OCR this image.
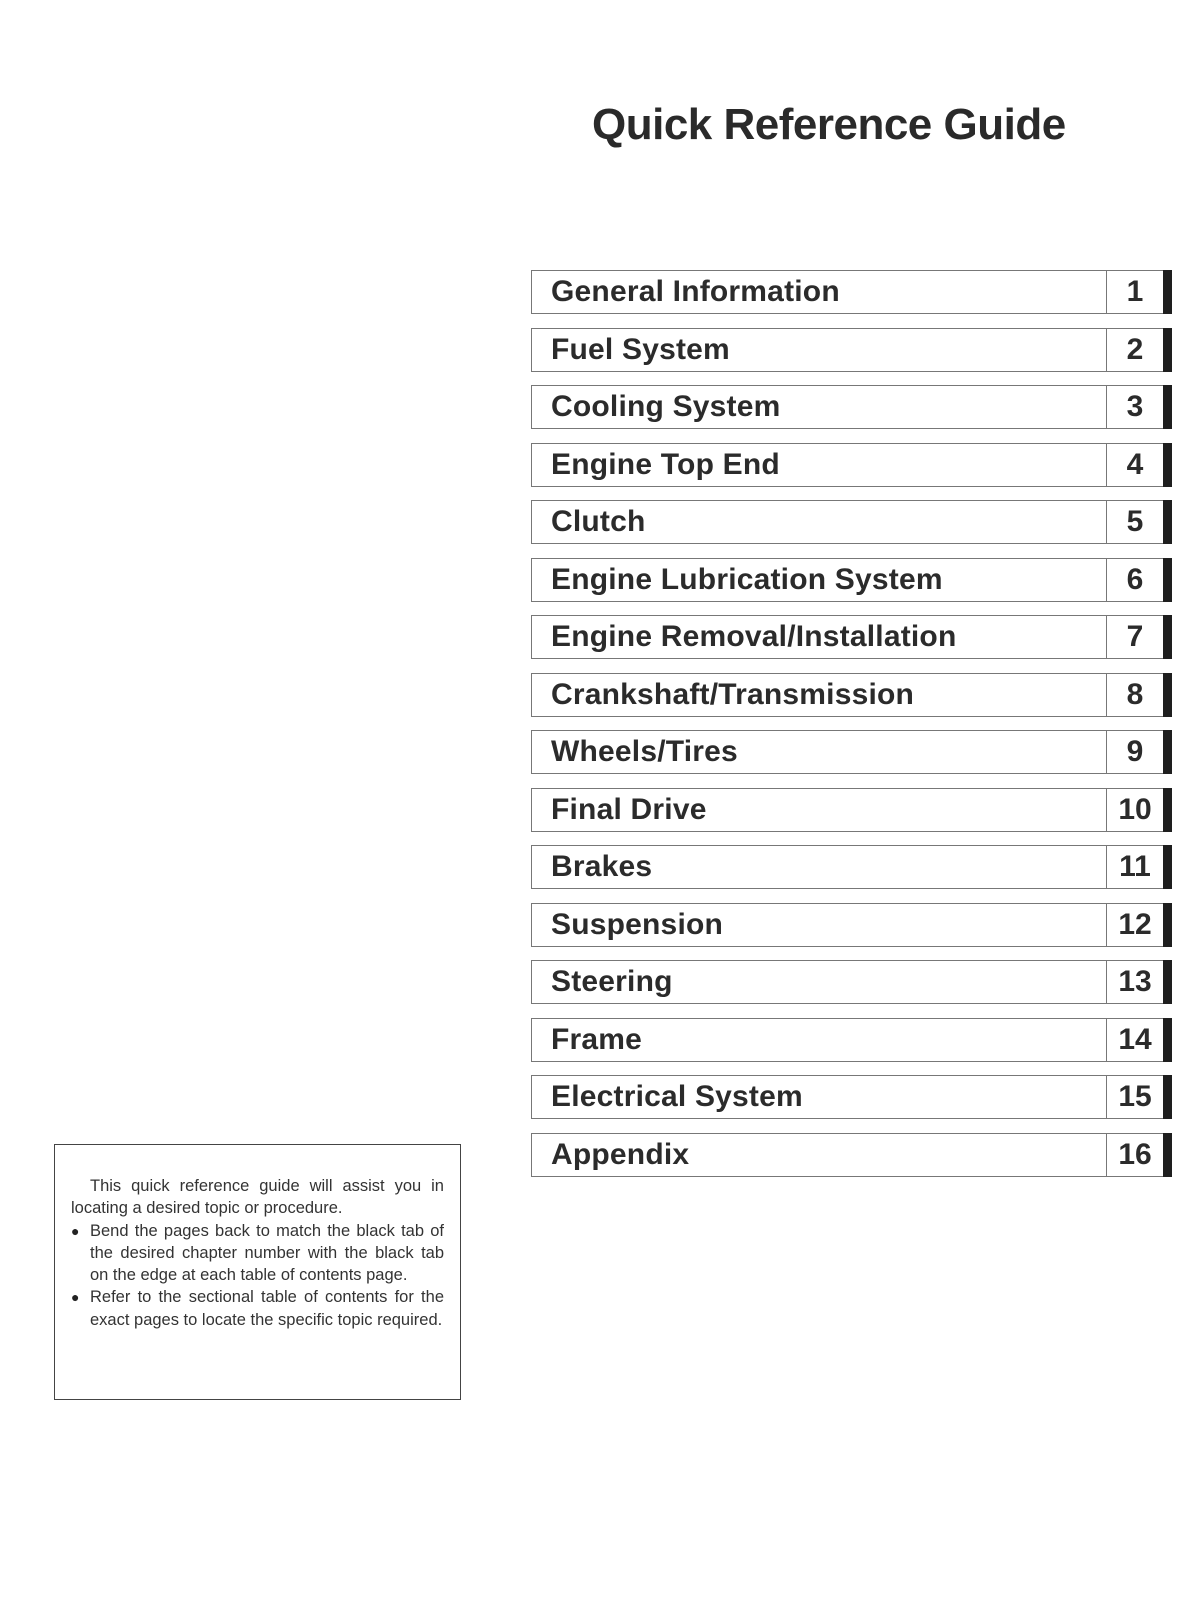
Quick Reference Guide
General Information	1
Fuel System	2
Cooling System	3
Engine Top End	4
Clutch	5
Engine Lubrication System	6
Engine Removal/Installation	7
Crankshaft/Transmission	8
Wheels/Tires	9
Final Drive	10
Brakes	11
Suspension	12
Steering	13
Frame	14
Electrical System	15
Appendix	16

This quick reference guide will assist you in locating a desired topic or procedure.

● Bend the pages back to match the black tab of the desired chapter number with the black tab on the edge at each table of contents page.
● Refer to the sectional table of contents for the exact pages to locate the specific topic required.
